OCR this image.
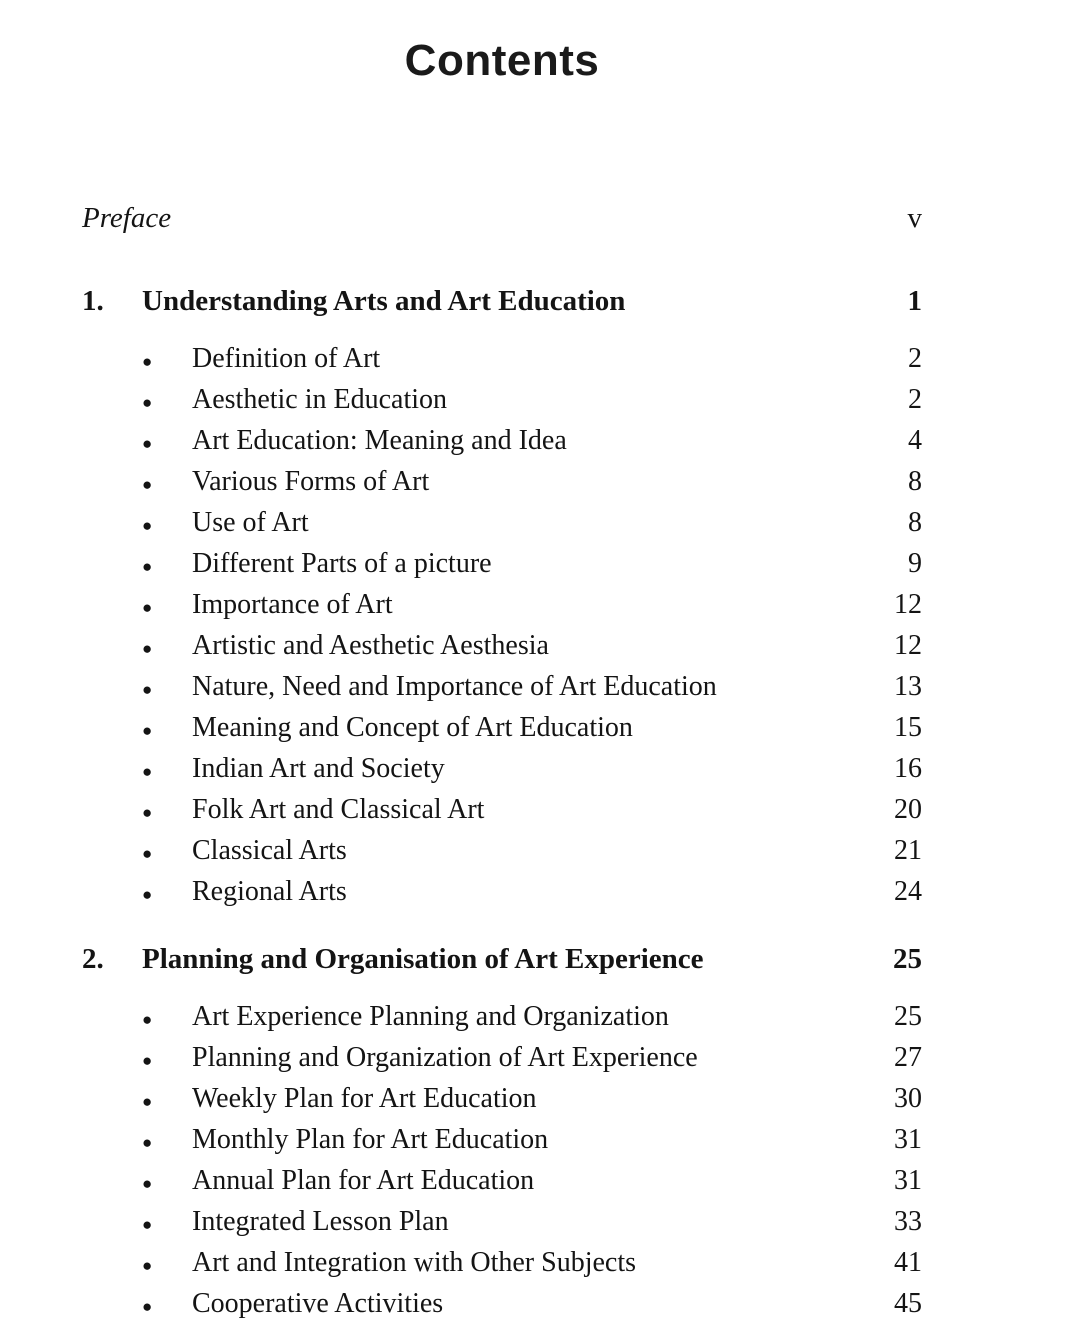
Contents
Preface	v
1.	Understanding Arts and Art Education	1
●	Definition of Art	2
●	Aesthetic in Education	2
●	Art Education: Meaning and Idea	4
●	Various Forms of Art	8
●	Use of Art	8
●	Different Parts of a picture	9
●	Importance of Art	12
●	Artistic and Aesthetic Aesthesia	12
●	Nature, Need and Importance of Art Education	13
●	Meaning and Concept of Art Education	15
●	Indian Art and Society	16
●	Folk Art and Classical Art	20
●	Classical Arts	21
●	Regional Arts	24
2.	Planning and Organisation of Art Experience	25
●	Art Experience Planning and Organization	25
●	Planning and Organization of Art Experience	27
●	Weekly Plan for Art Education	30
●	Monthly Plan for Art Education	31
●	Annual Plan for Art Education	31
●	Integrated Lesson Plan	33
●	Art and Integration with Other Subjects	41
●	Cooperative Activities	45
